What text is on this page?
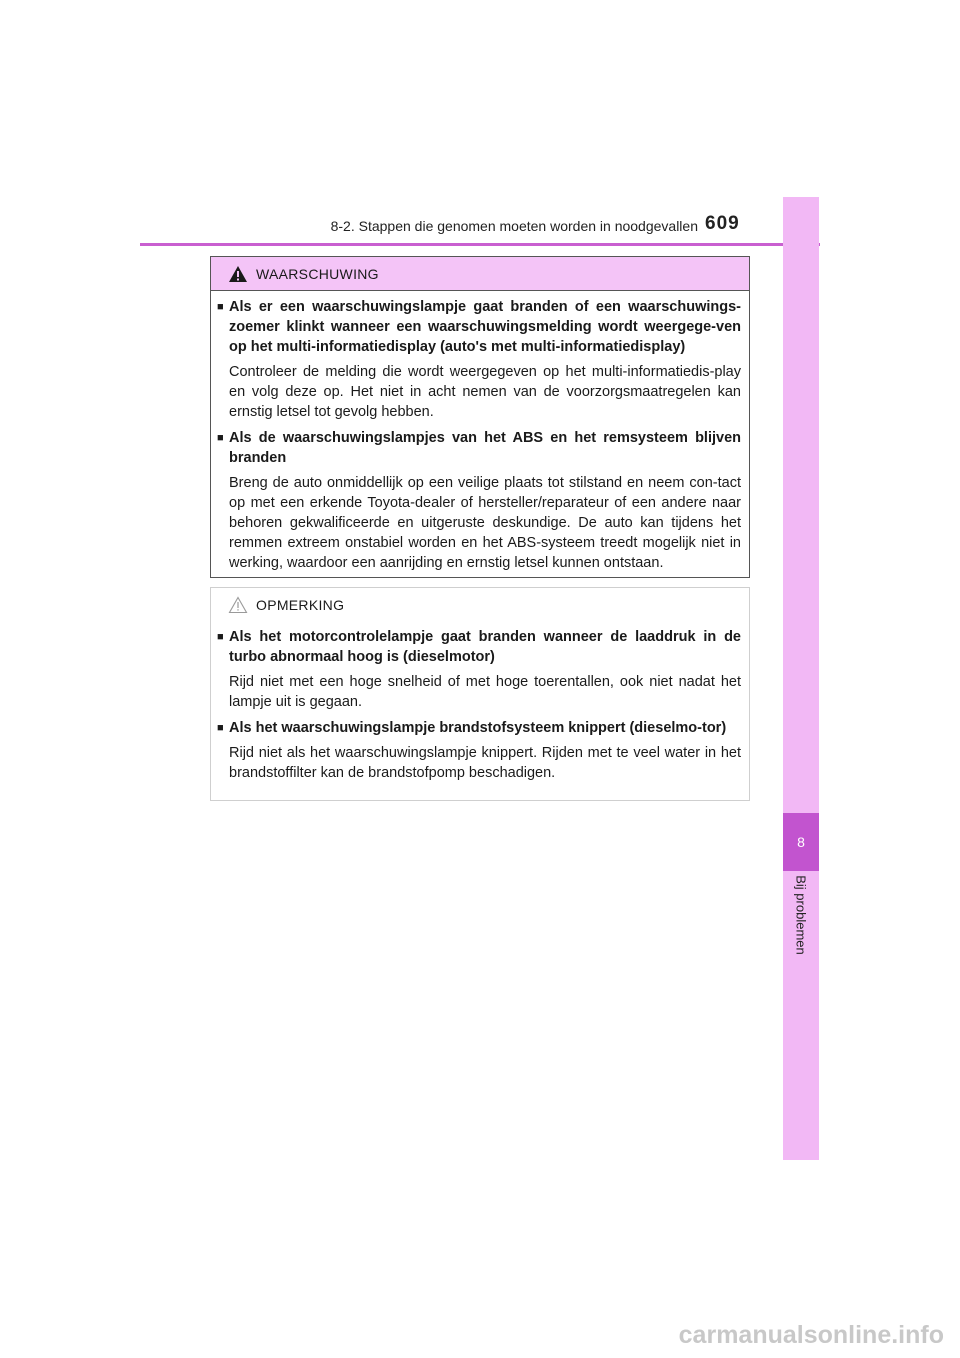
8-2. Stappen die genomen moeten worden in noodgevallen 609
8
Bij problemen
WAARSCHUWING
■ Als er een waarschuwingslampje gaat branden of een waarschuwings-zoemer klinkt wanneer een waarschuwingsmelding wordt weergege-ven op het multi-informatiedisplay (auto's met multi-informatiedisplay)
Controleer de melding die wordt weergegeven op het multi-informatiedis-play en volg deze op. Het niet in acht nemen van de voorzorgsmaatregelen kan ernstig letsel tot gevolg hebben.
■ Als de waarschuwingslampjes van het ABS en het remsysteem blijven branden
Breng de auto onmiddellijk op een veilige plaats tot stilstand en neem con-tact op met een erkende Toyota-dealer of hersteller/reparateur of een andere naar behoren gekwalificeerde en uitgeruste deskundige. De auto kan tijdens het remmen extreem onstabiel worden en het ABS-systeem treedt mogelijk niet in werking, waardoor een aanrijding en ernstig letsel kunnen ontstaan.
OPMERKING
■ Als het motorcontrolelampje gaat branden wanneer de laaddruk in de turbo abnormaal hoog is (dieselmotor)
Rijd niet met een hoge snelheid of met hoge toerentallen, ook niet nadat het lampje uit is gegaan.
■ Als het waarschuwingslampje brandstofsysteem knippert (dieselmo-tor)
Rijd niet als het waarschuwingslampje knippert. Rijden met te veel water in het brandstoffilter kan de brandstofpomp beschadigen.
carmanualsonline.info
